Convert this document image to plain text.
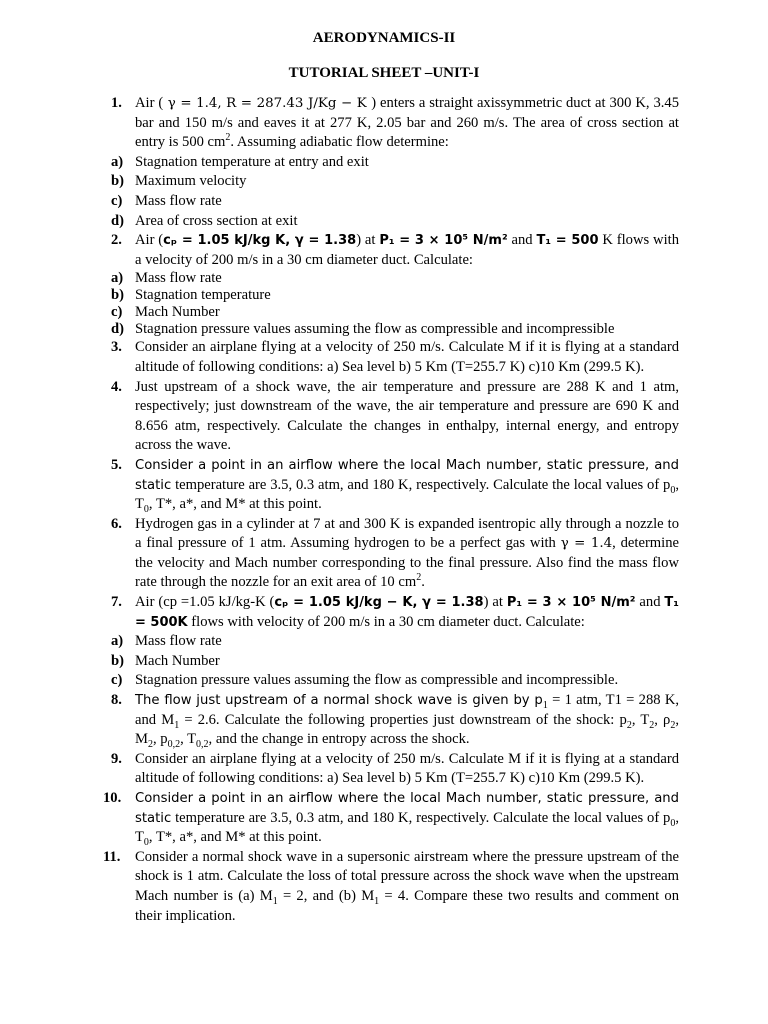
AERODYNAMICS-II
TUTORIAL SHEET –UNIT-I
1. Air ( γ = 1.4, R = 287.43 J/Kg − K ) enters a straight axissymmetric duct at 300 K, 3.45 bar and 150 m/s and eaves it at 277 K, 2.05 bar and 260 m/s. The area of cross section at entry is 500 $cm^2$. Assuming adiabatic flow determine:
a) Stagnation temperature at entry and exit
b) Maximum velocity
c) Mass flow rate
d) Area of cross section at exit
2. Air (cₚ = 1.05 kJ/kg K, γ = 1.38) at P₁ = 3 × 10⁵ N/m² and T₁ = 500 K flows with a velocity of 200 m/s in a 30 cm diameter duct. Calculate:
a) Mass flow rate
b) Stagnation temperature
c) Mach Number
d) Stagnation pressure values assuming the flow as compressible and incompressible
3. Consider an airplane flying at a velocity of 250 m/s. Calculate M if it is flying at a standard altitude of following conditions: a) Sea level b) 5 Km (T=255.7 K) c)10 Km (299.5 K).
4. Just upstream of a shock wave, the air temperature and pressure are 288 K and 1 atm, respectively; just downstream of the wave, the air temperature and pressure are 690 K and 8.656 atm, respectively. Calculate the changes in enthalpy, internal energy, and entropy across the wave.
5. Consider a point in an airflow where the local Mach number, static pressure, and static temperature are 3.5, 0.3 atm, and 180 K, respectively. Calculate the local values of $p_0$, $T_0$, T*, a*, and M* at this point.
6. Hydrogen gas in a cylinder at 7 at and 300 K is expanded isentropic ally through a nozzle to a final pressure of 1 atm. Assuming hydrogen to be a perfect gas with γ = 1.4, determine the velocity and Mach number corresponding to the final pressure. Also find the mass flow rate through the nozzle for an exit area of 10 $cm^2$.
7. Air (cp =1.05 kJ/kg-K (cₚ = 1.05 kJ/kg − K, γ = 1.38) at P₁ = 3 × 10⁵ N/m² and T₁ = 500K flows with velocity of 200 m/s in a 30 cm diameter duct. Calculate:
a) Mass flow rate
b) Mach Number
c) Stagnation pressure values assuming the flow as compressible and incompressible.
8. The flow just upstream of a normal shock wave is given by $p_1 = 1$ atm, T1 = 288 K, and $M_1 = 2.6$. Calculate the following properties just downstream of the shock: $p_2$, $T_2$, $\rho_2$, $M_2$, $p_{0,2}$, $T_{0,2}$, and the change in entropy across the shock.
9. Consider an airplane flying at a velocity of 250 m/s. Calculate M if it is flying at a standard altitude of following conditions: a) Sea level b) 5 Km (T=255.7 K) c)10 Km (299.5 K).
10. Consider a point in an airflow where the local Mach number, static pressure, and static temperature are 3.5, 0.3 atm, and 180 K, respectively. Calculate the local values of $p_0$, $T_0$, T*, a*, and M* at this point.
11. Consider a normal shock wave in a supersonic airstream where the pressure upstream of the shock is 1 atm. Calculate the loss of total pressure across the shock wave when the upstream Mach number is (a) $M_1 = 2$, and (b) $M_1 = 4$. Compare these two results and comment on their implication.
